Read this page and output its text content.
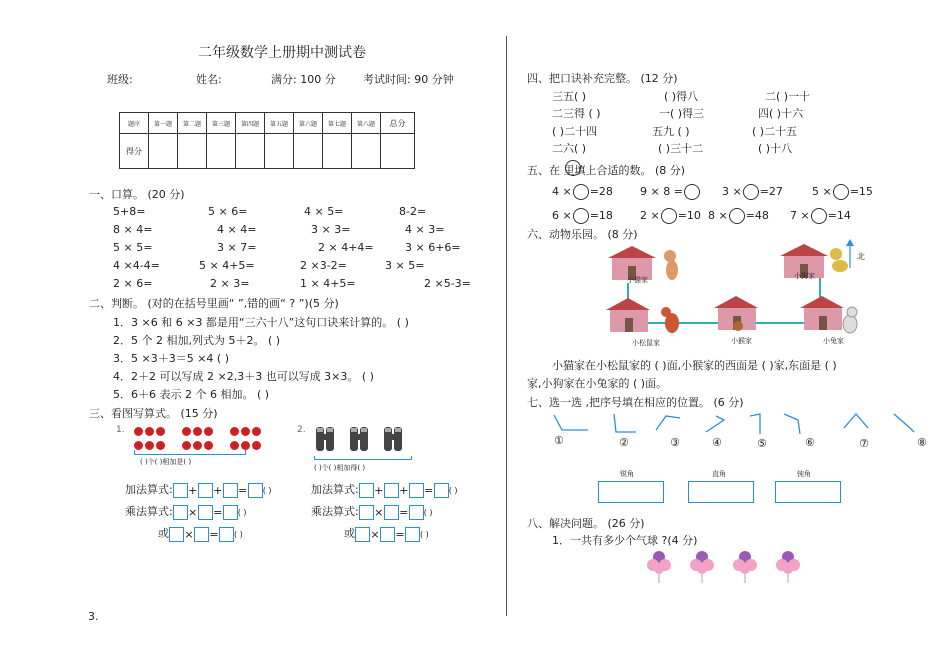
二年级数学上册期中测试卷
班级:	姓名:	满分: 100 分 考试时间: 90 分钟
题序	第一题	第二题	第三题	第四题	第五题	第六题	第七题	第八题	总分
得分									
一、口算。 (20 分)
5+8=	5 × 6=	4 × 5=	8-2=
8 × 4=	4 × 4=	3 × 3=	4 × 3=
5 × 5=	3 × 7=	2 × 4+4=	3 × 6+6=
4 ×4-4=	5 × 4+5=	2 ×3-2=	3 × 5=
2 × 6=	2 × 3=	1 × 4+5=	2 ×5-3=
二、判断。 (对的在括号里画“ ”,错的画“ ? ”)(5 分)
1．3 ×6 和 6 ×3 都是用“三六十八”这句口诀来计算的。 ( )
2．5 个 2 相加,列式为 5＋2。 ( )
3．5 ×3＋3＝5 ×4 ( )
4．2＋2 可以写成 2 ×2,3＋3 也可以写成 3×3。 ( )
5．6＋6 表示 2 个 6 相加。 ( )
三、看图写算式。 (15 分)
1.

( )个( )相加是( )
2.
( )个( )相加得( )
加法算式: + + = ( )
乘法算式: × = ( )
或 × = ( )
加法算式: + + = ( )
乘法算式: × = ( )
或 × = ( )
3.
四、把口诀补充完整。 (12 分)
三五( )	( )得八	二( )一十
二三得 ( )	一( )得三	四( )十六
( )二十四	五九 ( )	( )二十五
二六( )	( )三十二	( )十八
五、在 里填上合适的数。 (8 分)
4 × =28 9 × 8 =	3 × =27	5 × =15
6 × =18 2 × =10 8 × =48 7 × =14
六、动物乐园。 (8 分)
北
小猫家	小狗家
小松鼠家	小猴家	小兔家
小猫家在小松鼠家的 ( )面,小猴家的西面是 ( )家,东面是 ( )
家,小狗家在小兔家的 ( )面。
七、选一选 ,把序号填在相应的位置。 (6 分)
①	②	③	④	⑤	⑥	⑦	⑧
锐角	直角	钝角
八、解决问题。 (26 分)
1．一共有多少个气球 ?(4 分)
